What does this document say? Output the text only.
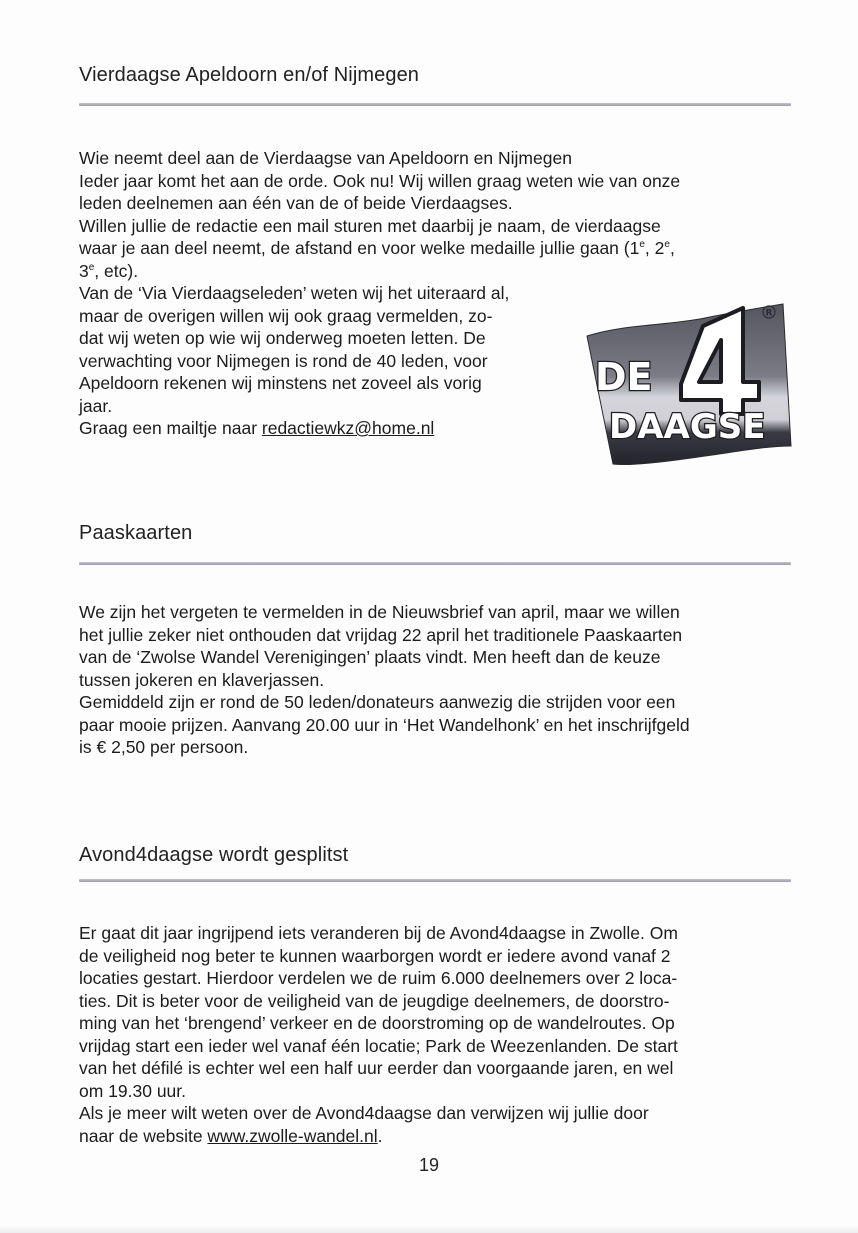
Vierdaagse Apeldoorn en/of Nijmegen

Wie neemt deel aan de Vierdaagse van Apeldoorn en Nijmegen

Ieder jaar komt het aan de orde. Ook nu! Wij willen graag weten wie van onze

leden deelnemen aan één van de of beide Vierdaagses.

Willen jullie de redactie een mail sturen met daarbij je naam, de vierdaagse

waar je aan deel neemt, de afstand en voor welke medaille jullie gaan (1e, 2e,

3e, etc).

Van de ‘Via Vierdaagseleden’ weten wij het uiteraard al,

maar de overigen willen wij ook graag vermelden, zo-

dat wij weten op wie wij onderweg moeten letten. De

verwachting voor Nijmegen is rond de 40 leden, voor

Apeldoorn rekenen wij minstens net zoveel als vorig

jaar.

Graag een mailtje naar redactiewkz@home.nl

DE
DAAGSE
R
Paaskaarten

We zijn het vergeten te vermelden in de Nieuwsbrief van april, maar we willen

het jullie zeker niet onthouden dat vrijdag 22 april het traditionele Paaskaarten

van de ‘Zwolse Wandel Verenigingen’ plaats vindt. Men heeft dan de keuze

tussen jokeren en klaverjassen.

Gemiddeld zijn er rond de 50 leden/donateurs aanwezig die strijden voor een

paar mooie prijzen. Aanvang 20.00 uur in ‘Het Wandelhonk’ en het inschrijfgeld

is € 2,50 per persoon.

Avond4daagse wordt gesplitst

Er gaat dit jaar ingrijpend iets veranderen bij de Avond4daagse in Zwolle. Om

de veiligheid nog beter te kunnen waarborgen wordt er iedere avond vanaf 2

locaties gestart. Hierdoor verdelen we de ruim 6.000 deelnemers over 2 loca-

ties. Dit is beter voor de veiligheid van de jeugdige deelnemers, de doorstro-

ming van het ‘brengend’ verkeer en de doorstroming op de wandelroutes. Op

vrijdag start een ieder wel vanaf één locatie; Park de Weezenlanden. De start

van het défilé is echter wel een half uur eerder dan voorgaande jaren, en wel

om 19.30 uur.

Als je meer wilt weten over de Avond4daagse dan verwijzen wij jullie door

naar de website www.zwolle-wandel.nl.

19
